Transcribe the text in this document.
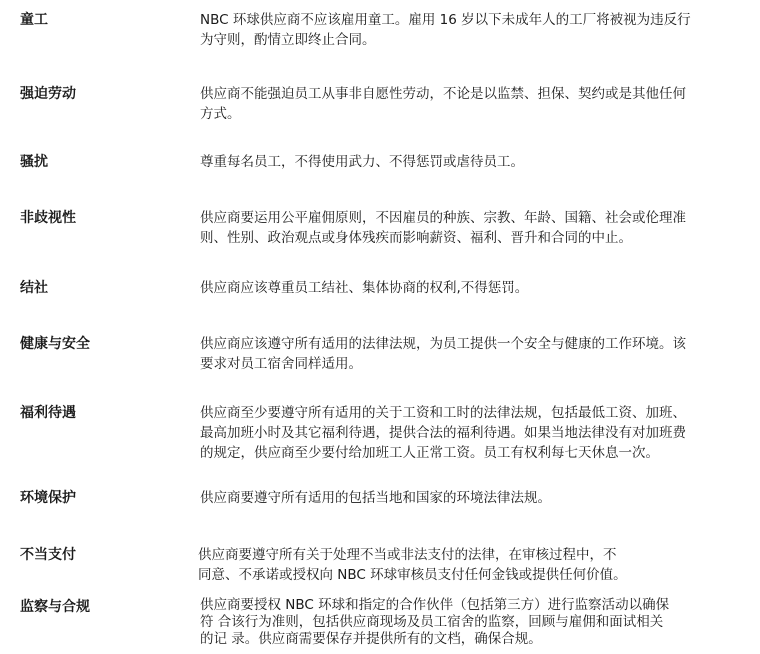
童工	NBC 环球供应商不应该雇用童工。雇用 16 岁以下未成年人的工厂将被视为违反行
为守则，酌情立即终止合同。
强迫劳动	供应商不能强迫员工从事非自愿性劳动，不论是以监禁、担保、契约或是其他任何
方式。
骚扰	尊重每名员工，不得使用武力、不得惩罚或虐待员工。
非歧视性	供应商要运用公平雇佣原则，不因雇员的种族、宗教、年龄、国籍、社会或伦理准
则、性别、政治观点或身体残疾而影响薪资、福利、晋升和合同的中止。
结社	供应商应该尊重员工结社、集体协商的权利,不得惩罚。
健康与安全	供应商应该遵守所有适用的法律法规，为员工提供一个安全与健康的工作环境。该
要求对员工宿舍同样适用。
福利待遇	供应商至少要遵守所有适用的关于工资和工时的法律法规，包括最低工资、加班、
最高加班小时及其它福利待遇，提供合法的福利待遇。如果当地法律没有对加班费
的规定，供应商至少要付给加班工人正常工资。员工有权利每七天休息一次。
环境保护	供应商要遵守所有适用的包括当地和国家的环境法律法规。
不当支付	供应商要遵守所有关于处理不当或非法支付的法律，在审核过程中，不
同意、不承诺或授权向 NBC 环球审核员支付任何金钱或提供任何价值。
监察与合规	供应商要授权 NBC 环球和指定的合作伙伴（包括第三方）进行监察活动以确保
符 合该行为准则，包括供应商现场及员工宿舍的监察，回顾与雇佣和面试相关
的记 录。供应商需要保存并提供所有的文档，确保合规。
